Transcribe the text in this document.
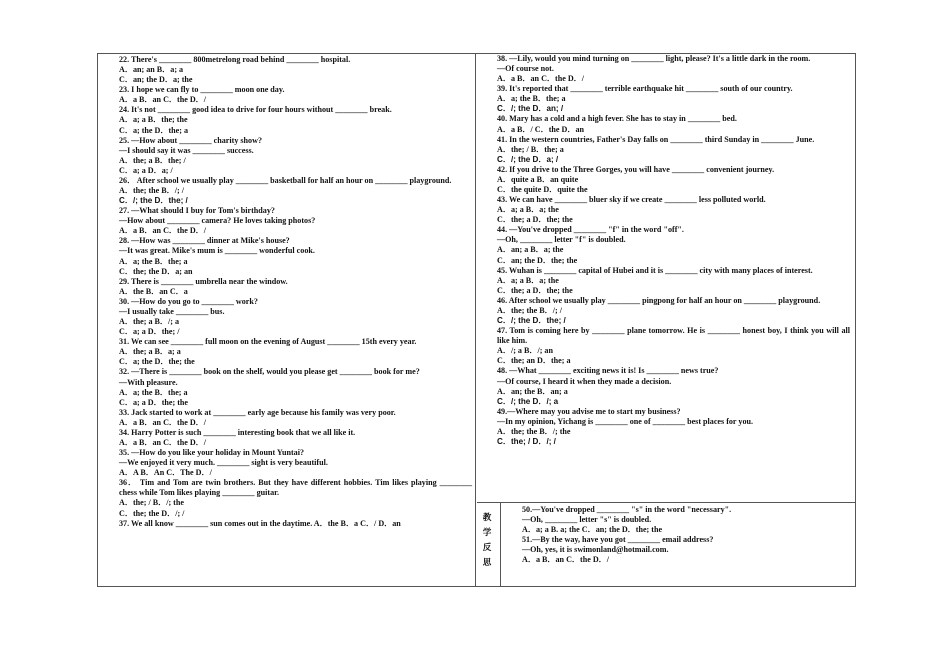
22. There's ________ 800metrelong road behind ________ hospital.
A．an; an B．a; a
C．an; the D．a; the
23. I hope we can fly to ________ moon one day.
A．a B．an C．the D．/
24. It's not ________ good idea to drive for four hours without ________ break.
A．a; a B．the; the
C．a; the D．the; a
25. —How about ________ charity show?
—I should say it was ________ success.
A．the; a B．the; /
C．a; a D．a; /
26． After school we usually play ________ basketball for half an hour on ________ playground.
A．the; the B．/; /
C．/; the D．the; /
27. —What should I buy for Tom's birthday?
—How about ________ camera? He loves taking photos?
A．a B．an C．the D．/
28. —How was ________ dinner at Mike's house?
—It was great. Mike's mum is ________ wonderful cook.
A．a; the B．the; a
C．the; the D．a; an
29. There is ________ umbrella near the window.
A．the B．an C．a
30. —How do you go to ________ work?
—I usually take ________ bus.
A．the; a B．/; a
C．a; a D．the; /
31. We can see ________ full moon on the evening of August ________ 15th every year.
A．the; a B．a; a
C．a; the D．the; the
32. —There is ________ book on the shelf, would you please get ________ book for me?
—With pleasure.
A．a; the B．the; a
C．a; a D．the; the
33. Jack started to work at ________ early age because his family was very poor.
A．a B．an C．the D．/
34. Harry Potter is such ________ interesting book that we all like it.
A．a B．an C．the D．/
35. —How do you like your holiday in Mount Yuntai?
—We enjoyed it very much. ________ sight is very beautiful.
A．A B．An C．The D．/
36． Tim and Tom are twin brothers. But they have different hobbies. Tim likes playing ________ chess while Tom likes playing ________ guitar.
A．the; / B．/; the
C．the; the D．/; /
37. We all know ________ sun comes out in the daytime. A．the B．a C．/ D．an
38. —Lily, would you mind turning on ________ light, please? It's a little dark in the room.
—Of course not.
A．a B．an C．the D．/
39. It's reported that ________ terrible earthquake hit ________ south of our country.
A．a; the B．the; a
C．/; the D．an; /
40. Mary has a cold and a high fever. She has to stay in ________ bed.
A．a B．/ C．the D．an
41. In the western countries, Father's Day falls on ________ third Sunday in ________ June.
A．the; / B．the; a
C．/; the D．a; /
42. If you drive to the Three Gorges, you will have ________ convenient journey.
A．quite a B．an quite
C．the quite D．quite the
43. We can have ________ bluer sky if we create ________ less polluted world.
A．a; a B．a; the
C．the; a D．the; the
44. —You've dropped ________ "f" in the word "off".
—Oh, ________ letter "f" is doubled.
A．an; a B．a; the
C．an; the D．the; the
45. Wuhan is ________ capital of Hubei and it is ________ city with many places of interest.
A．a; a B．a; the
C．the; a D．the; the
46. After school we usually play ________ pingpong for half an hour on ________ playground.
A．the; the B．/; /
C．/; the D．the; /
47. Tom is coming here by ________ plane tomorrow. He is ________ honest boy, I think you will all like him.
A．/; a B．/; an
C．the; an D．the; a
48. —What ________ exciting news it is! Is ________ news true?
—Of course, I heard it when they made a decision.
A．an; the B．an; a
C．/; the D．/; a
49.—Where may you advise me to start my business?
—In my opinion, Yichang is ________ one of ________ best places for you.
A．the; the B．/; the
C．the; / D．/; /
教
学
反
思
50.—You've dropped ________ "s" in the word "necessary".
—Oh, ________ letter "s" is doubled.
A．a; a B. a; the C．an; the D．the; the
51.—By the way, have you got ________ email address?
—Oh, yes, it is swimonland@hotmail.com.
A．a B．an C．the D．/
